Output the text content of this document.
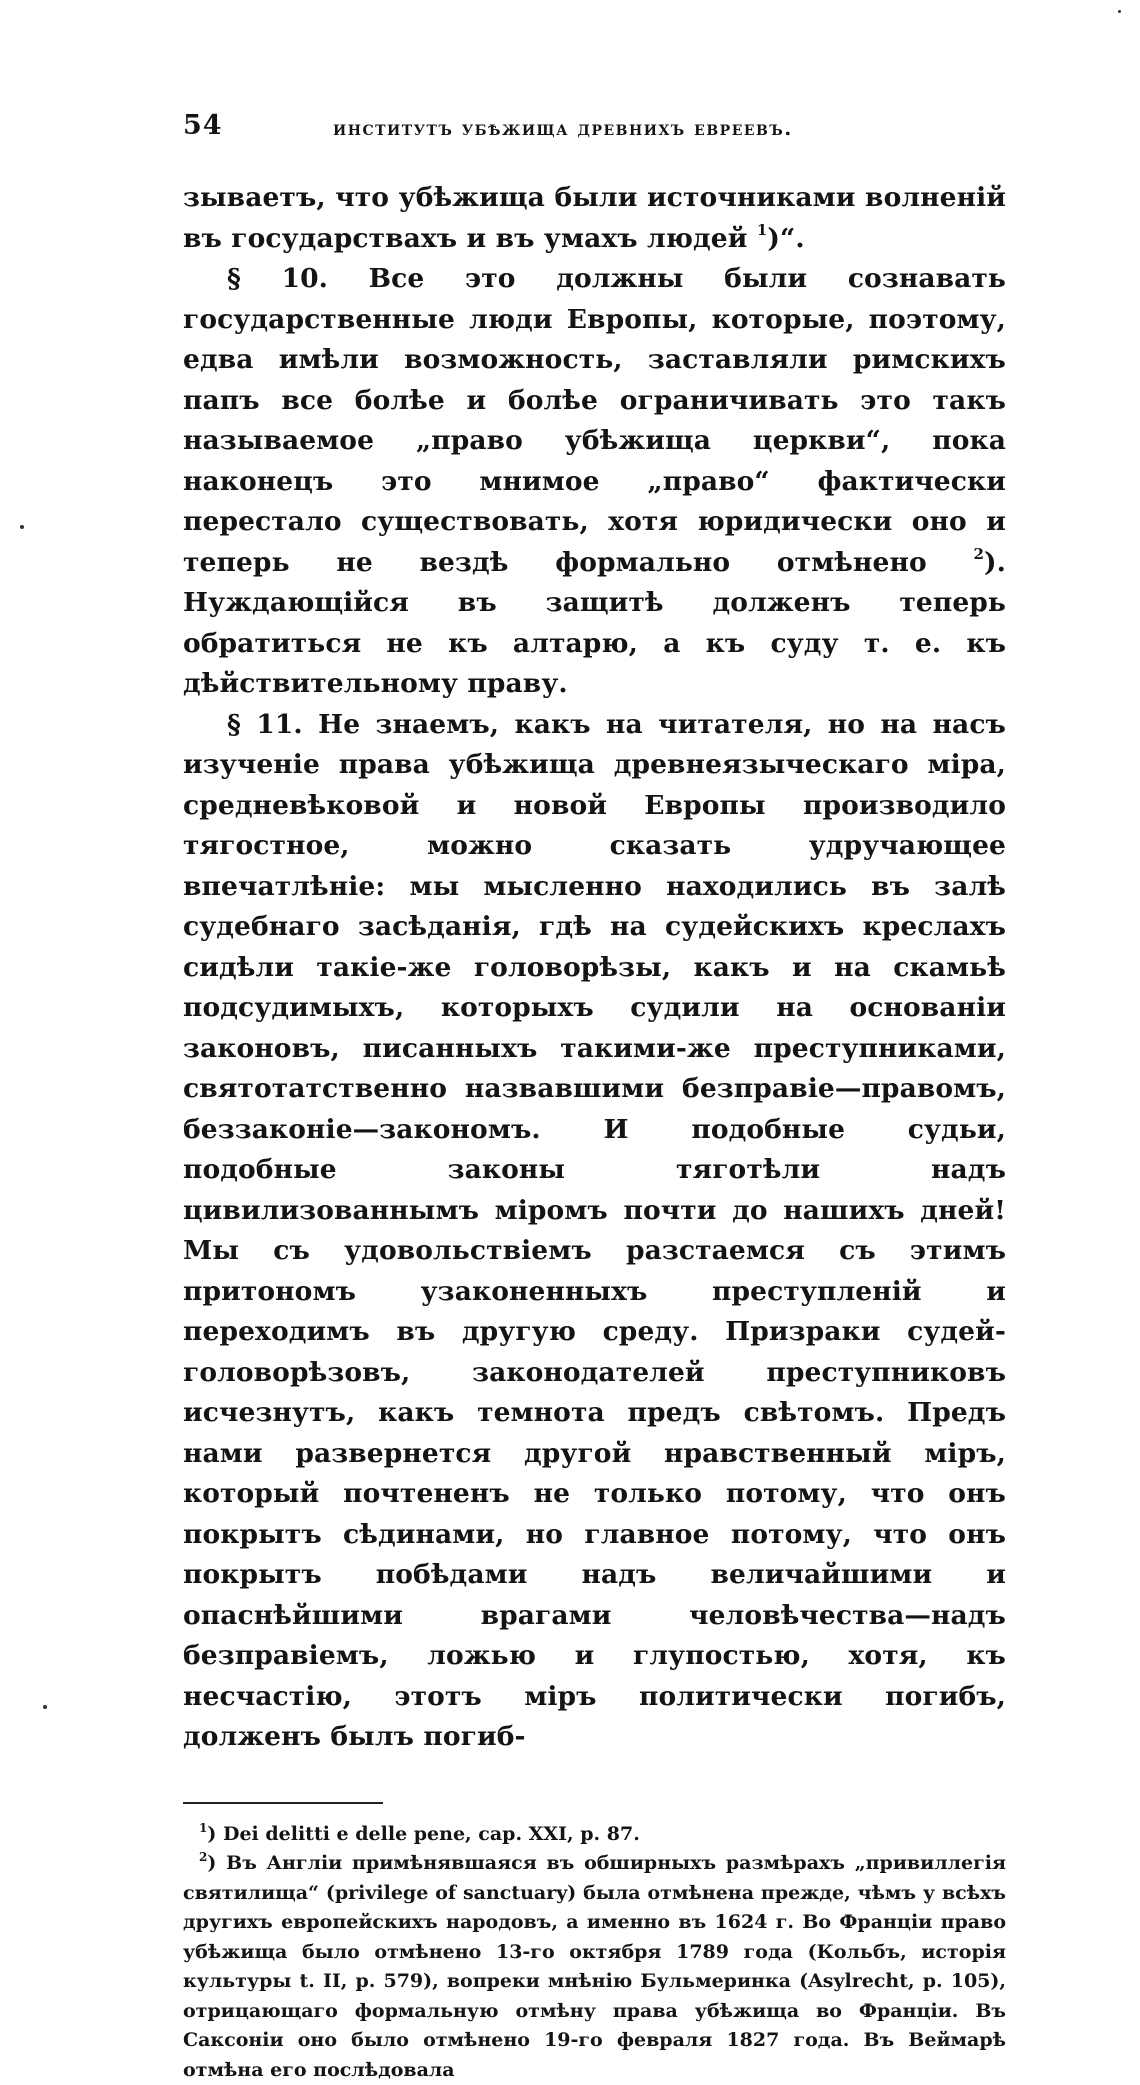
54	институтъ убѣжища древнихъ евреевъ.

зываетъ, что убѣжища были источниками волненій въ государствахъ и въ умахъ людей $^1$)“.

§ 10. Все это должны были сознавать государственные люди Европы, которые, поэтому, едва имѣли возможность, заставляли римскихъ папъ все болѣе и болѣе ограничивать это такъ называемое „право убѣжища церкви“, пока наконецъ это мнимое „право“ фактически перестало существовать, хотя юридически оно и теперь не вездѣ формально отмѣнено	$^2$). Нуждающійся въ защитѣ долженъ теперь обратиться не къ алтарю, а къ суду т. е. къ дѣйствительному праву.

§ 11. Не знаемъ, какъ на читателя, но на насъ изученіе права убѣжища древнеязыческаго міра, средневѣковой и новой Европы производило тягостное, можно сказать удручающее впечатлѣніе: мы мысленно находились въ залѣ судебнаго засѣданія, гдѣ на судейскихъ креслахъ сидѣли такіе-же головорѣзы, какъ и на скамьѣ подсудимыхъ, которыхъ судили на основаніи законовъ, писанныхъ такими-же преступниками, святотатственно назвавшими безправіе—правомъ, беззаконіе—закономъ. И подобные судьи, подобные законы тяготѣли надъ цивилизованнымъ міромъ почти до нашихъ дней! Мы съ удовольствіемъ разстаемся съ этимъ притономъ узаконенныхъ преступленій и переходимъ въ другую среду. Призраки судей-головорѣзовъ, законодателей преступниковъ исчезнутъ, какъ темнота предъ свѣтомъ. Предъ нами развернется другой нравственный міръ, который почтененъ не только потому, что онъ покрытъ сѣдинами, но главное потому, что онъ покрытъ побѣдами надъ величайшими и опаснѣйшими врагами человѣчества—надъ безправіемъ, ложью и глупостью, хотя, къ несчастію, этотъ міръ политически погибъ, долженъ былъ погиб-

$^1$) Dei delitti e delle pene, cap. XXI, p. 87.

$^2$) Въ Англіи примѣнявшаяся въ обширныхъ размѣрахъ „привиллегія святилища“ (privilege of sanctuary) была отмѣнена прежде, чѣмъ у всѣхъ другихъ европейскихъ народовъ, а именно въ 1624 г. Во Франціи право убѣжища было отмѣнено 13-го октября 1789 года (Кольбъ, исторія культуры t. II, p. 579), вопреки мнѣнію Бульмеринка (Asylrecht, p. 105), отрицающаго формальную отмѣну права убѣжища во Франціи. Въ Саксоніи оно было отмѣнено 19-го февраля 1827 года. Въ Веймарѣ отмѣна его послѣдовала
